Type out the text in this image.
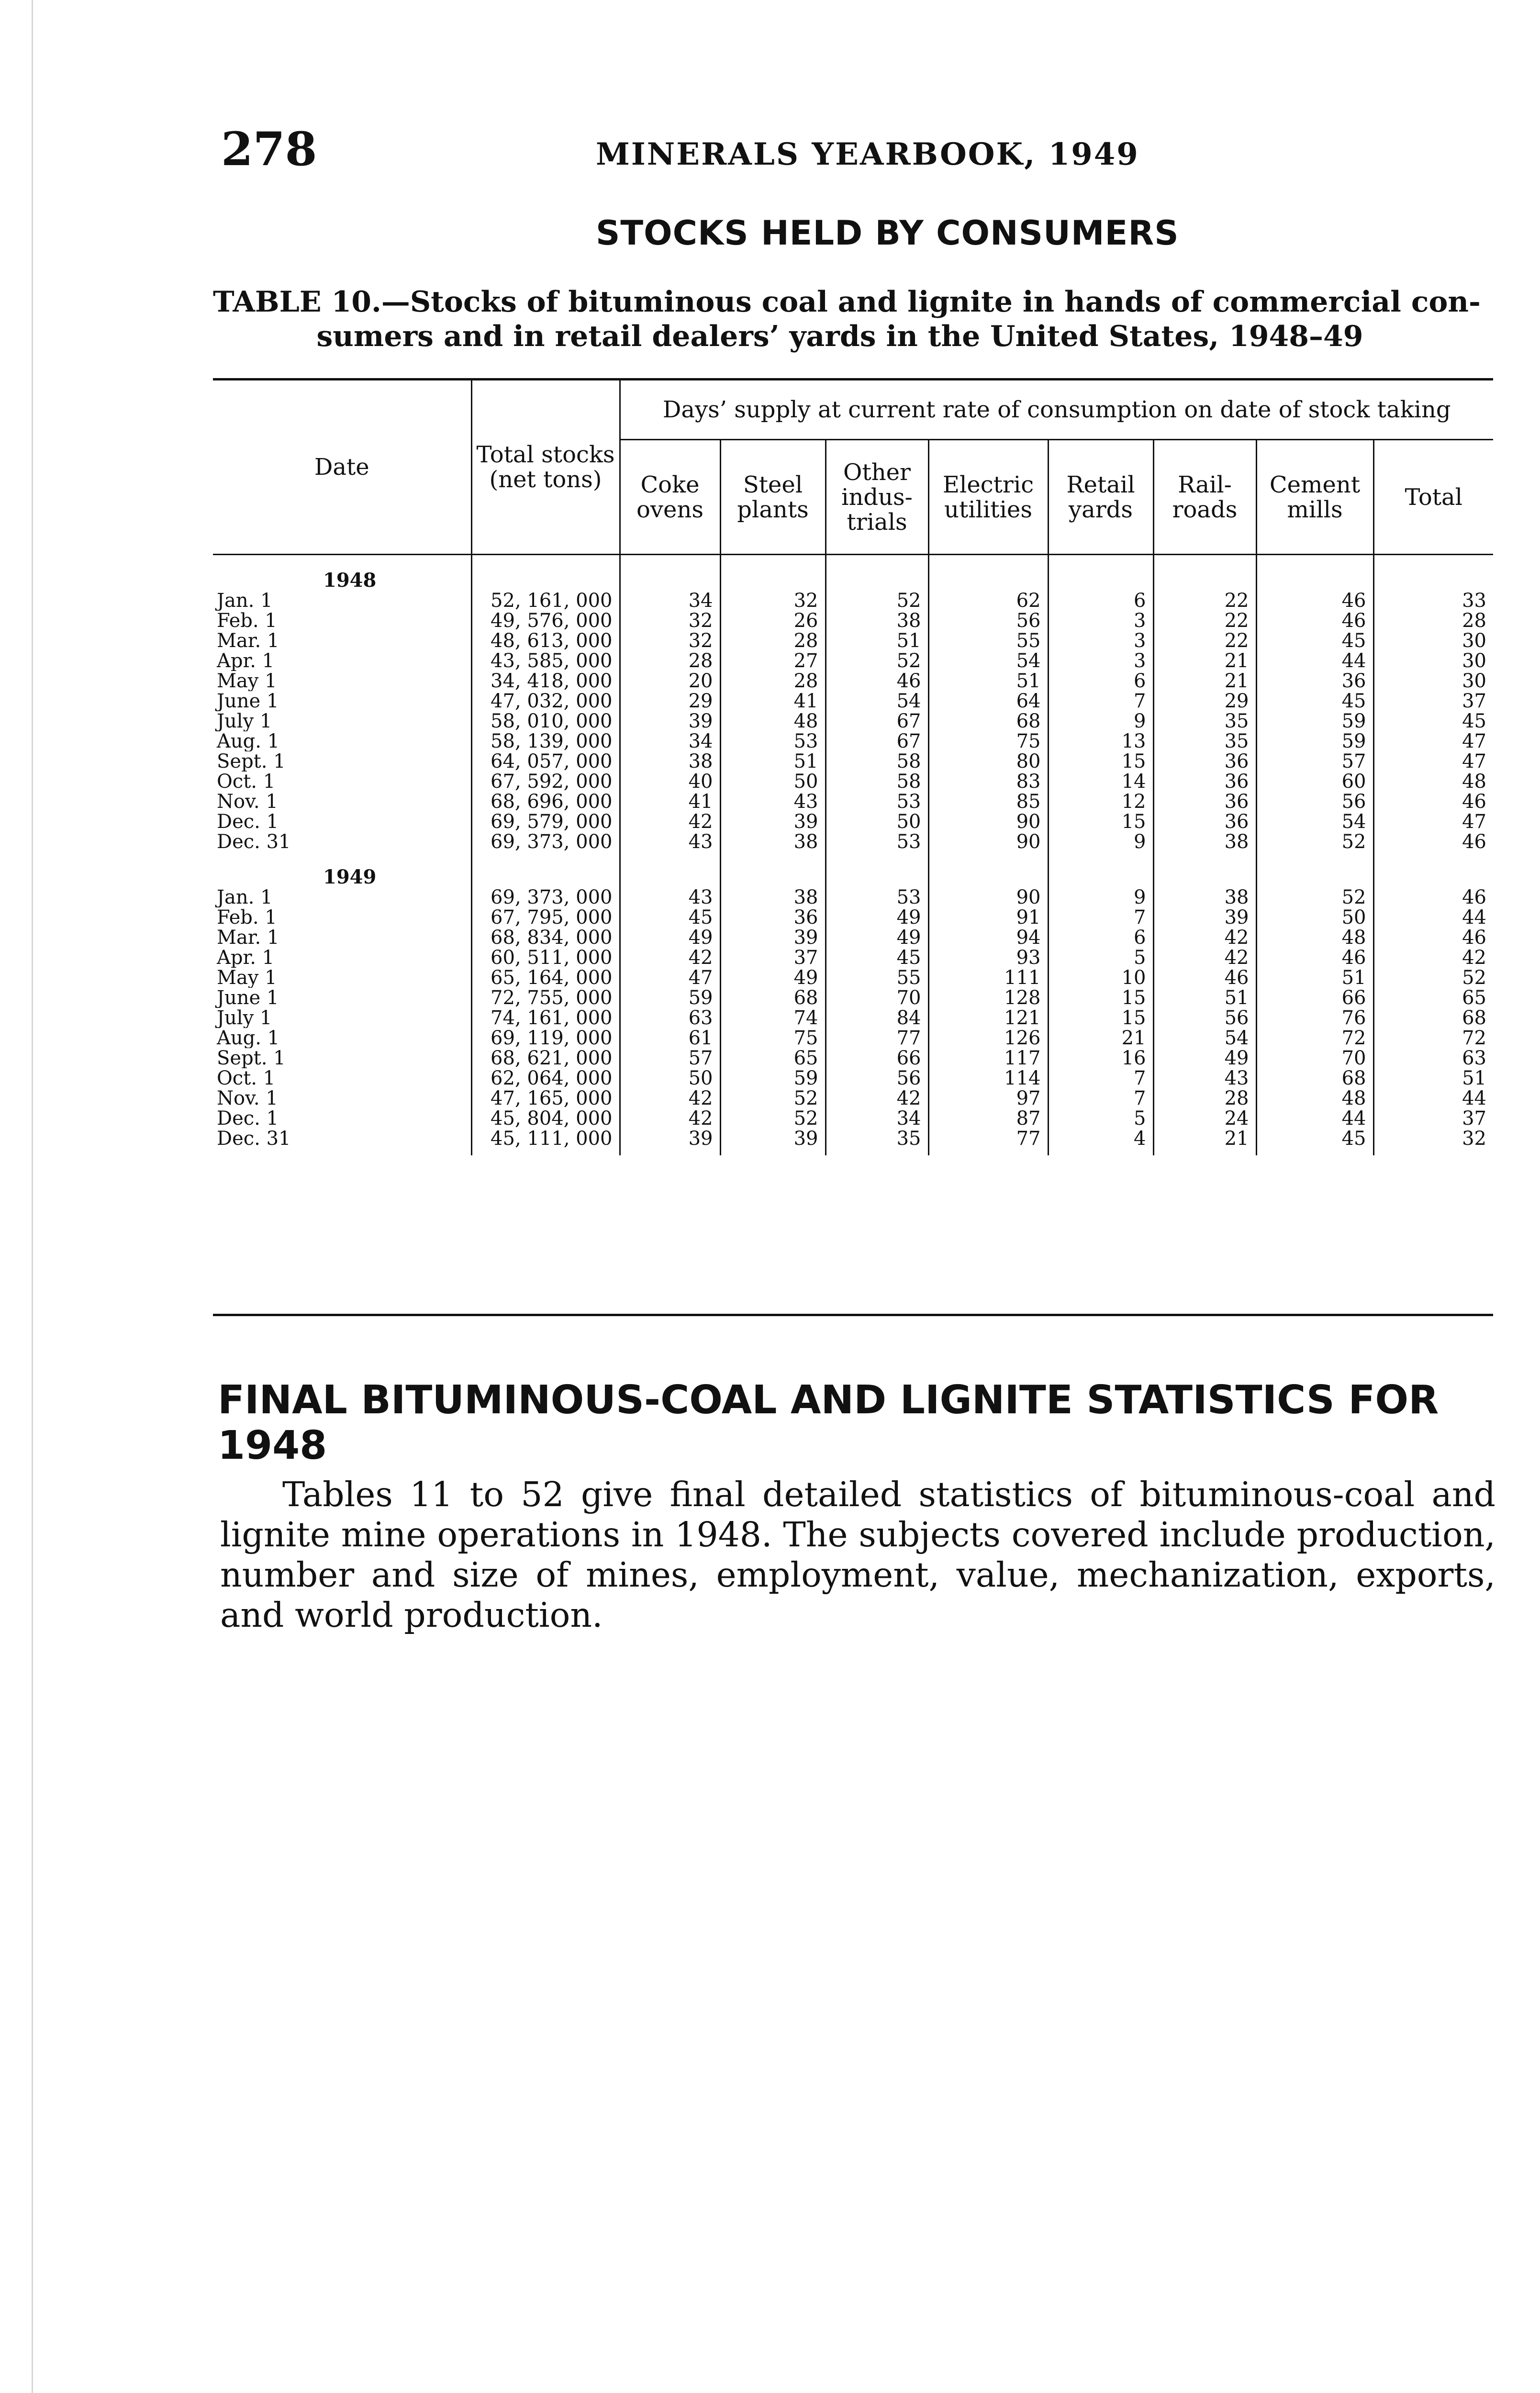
278	MINERALS YEARBOOK, 1949
STOCKS HELD BY CONSUMERS
TABLE 10.—Stocks of bituminous coal and lignite in hands of commercial con-
sumers and in retail dealers’ yards in the United States, 1948–49
Date	Total stocks (net tons)	Days’ supply at current rate of consumption on date of stock taking							
		Coke ovens	Steel plants	Other indus-trials	Electric utilities	Retail yards	Rail-roads	Cement mills	Total
1948									
Jan. 1	52, 161, 000	34	32	52	62	6	22	46	33
Feb. 1	49, 576, 000	32	26	38	56	3	22	46	28
Mar. 1	48, 613, 000	32	28	51	55	3	22	45	30
Apr. 1	43, 585, 000	28	27	52	54	3	21	44	30
May 1	34, 418, 000	20	28	46	51	6	21	36	30
June 1	47, 032, 000	29	41	54	64	7	29	45	37
July 1	58, 010, 000	39	48	67	68	9	35	59	45
Aug. 1	58, 139, 000	34	53	67	75	13	35	59	47
Sept. 1	64, 057, 000	38	51	58	80	15	36	57	47
Oct. 1	67, 592, 000	40	50	58	83	14	36	60	48
Nov. 1	68, 696, 000	41	43	53	85	12	36	56	46
Dec. 1	69, 579, 000	42	39	50	90	15	36	54	47
Dec. 31	69, 373, 000	43	38	53	90	9	38	52	46
1949									
Jan. 1	69, 373, 000	43	38	53	90	9	38	52	46
Feb. 1	67, 795, 000	45	36	49	91	7	39	50	44
Mar. 1	68, 834, 000	49	39	49	94	6	42	48	46
Apr. 1	60, 511, 000	42	37	45	93	5	42	46	42
May 1	65, 164, 000	47	49	55	111	10	46	51	52
June 1	72, 755, 000	59	68	70	128	15	51	66	65
July 1	74, 161, 000	63	74	84	121	15	56	76	68
Aug. 1	69, 119, 000	61	75	77	126	21	54	72	72
Sept. 1	68, 621, 000	57	65	66	117	16	49	70	63
Oct. 1	62, 064, 000	50	59	56	114	7	43	68	51
Nov. 1	47, 165, 000	42	52	42	97	7	28	48	44
Dec. 1	45, 804, 000	42	52	34	87	5	24	44	37
Dec. 31	45, 111, 000	39	39	35	77	4	21	45	32
FINAL BITUMINOUS-COAL AND LIGNITE STATISTICS FOR 1948

Tables 11 to 52 give final detailed statistics of bituminous-coal and lignite mine operations in 1948. The subjects covered include production, number and size of mines, employment, value, mechanization, exports, and world production.
